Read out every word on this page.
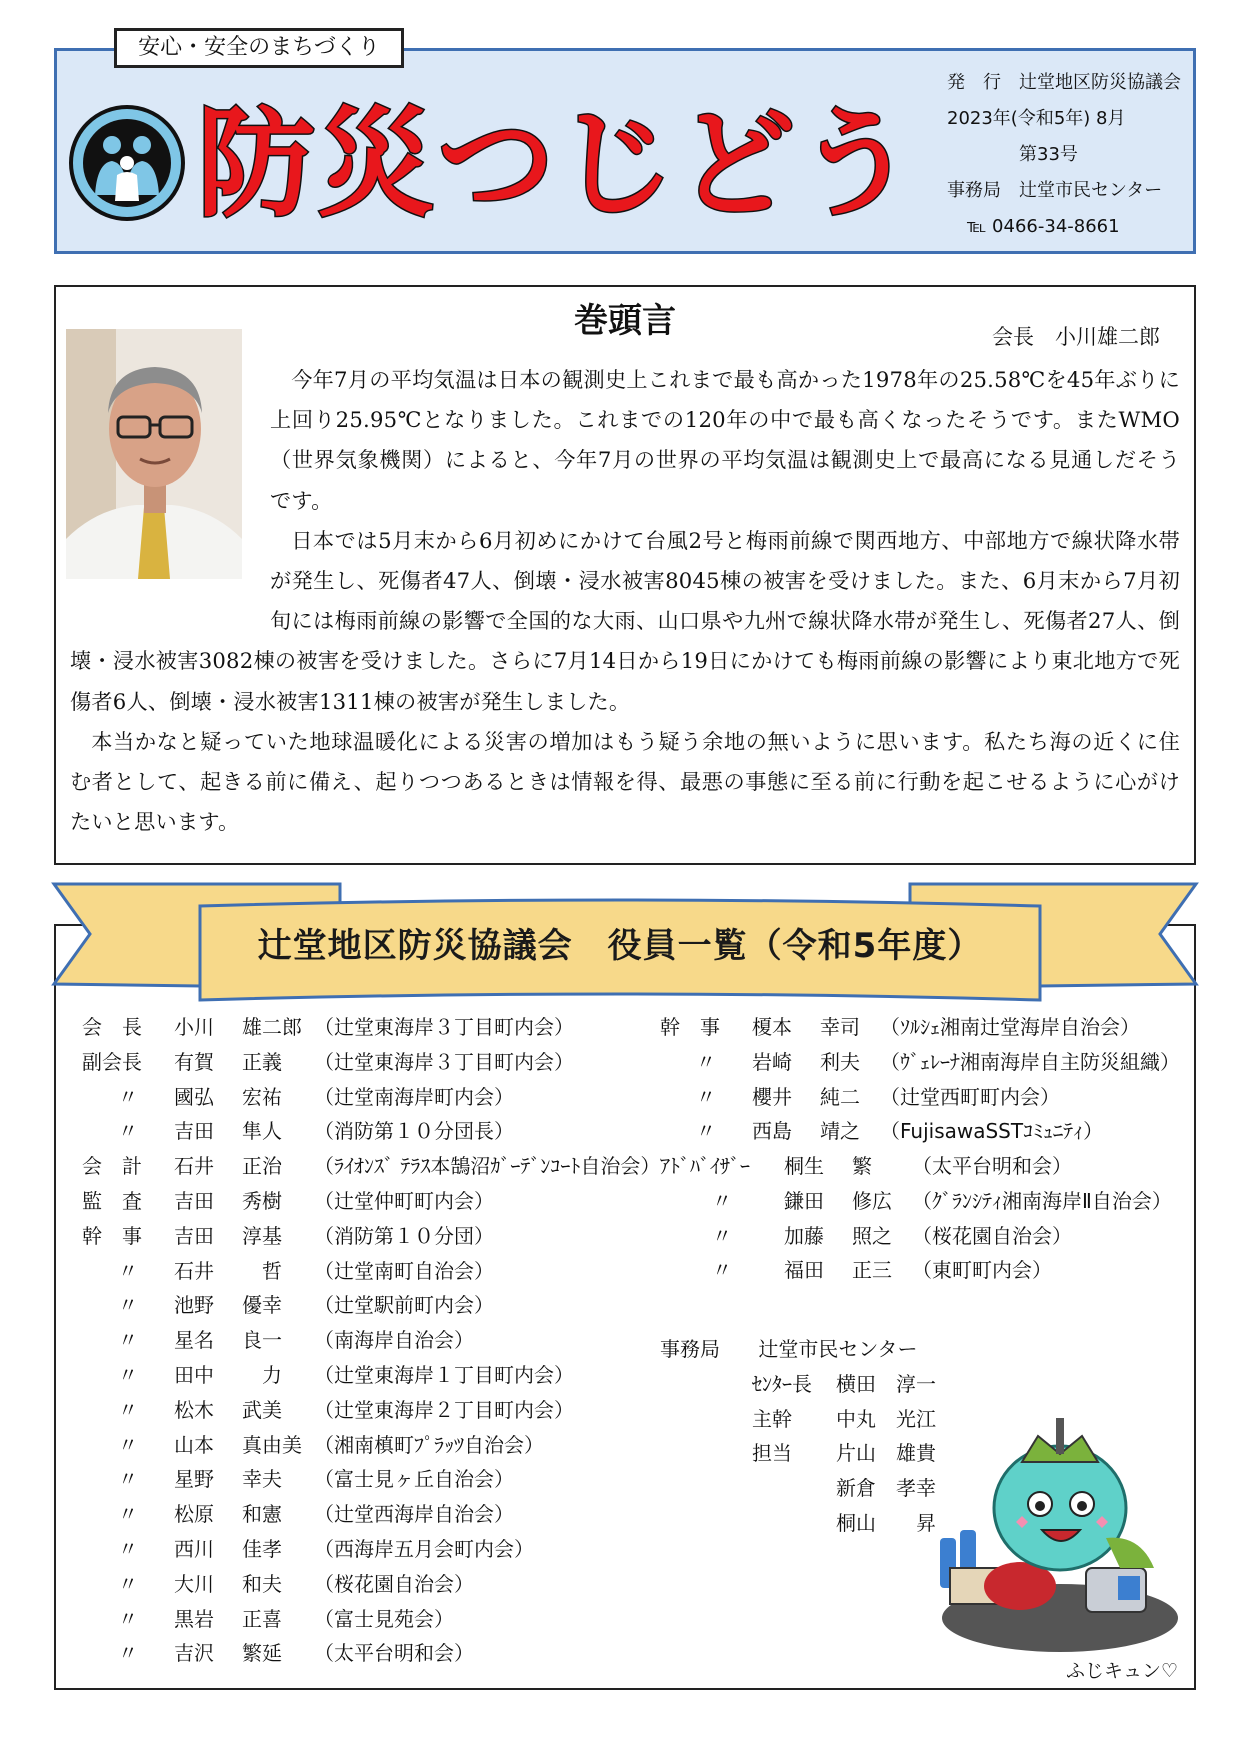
防災つじどう
発　行　辻堂地区防災協議会
2023年(令和5年) 8月
第33号
事務局　辻堂市民センター
℡ 0466-34-8661
安心・安全のまちづくり
巻頭言	会長　小川雄二郎

今年7月の平均気温は日本の観測史上これまで最も高かった1978年の25.58℃を45年ぶりに上回り25.95℃となりました。これまでの120年の中で最も高くなったそうです。またWMO（世界気象機関）によると、今年7月の世界の平均気温は観測史上で最高になる見通しだそうです。

日本では5月末から6月初めにかけて台風2号と梅雨前線で関西地方、中部地方で線状降水帯が発生し、死傷者47人、倒壊・浸水被害8045棟の被害を受けました。また、6月末から7月初旬には梅雨前線の影響で全国的な大雨、山口県や九州で線状降水帯が発生し、死傷者27人、倒壊・浸水被害3082棟の被害を受けました。さらに7月14日から19日にかけても梅雨前線の影響により東北地方で死傷者6人、倒壊・浸水被害1311棟の被害が発生しました。

本当かなと疑っていた地球温暖化による災害の増加はもう疑う余地の無いように思います。私たち海の近くに住む者として、起きる前に備え、起りつつあるときは情報を得、最悪の事態に至る前に行動を起こせるように心がけたいと思います。

辻堂地区防災協議会　役員一覧（令和5年度）
会　長 小川 雄二郎 （辻堂東海岸３丁目町内会）
副会長 有賀 正義 （辻堂東海岸３丁目町内会）
〃 國弘 宏祐 （辻堂南海岸町内会）
〃 吉田 隼人 （消防第１０分団長）
会　計 石井 正治 （ﾗｲｵﾝｽﾞ ﾃﾗｽ本鵠沼ｶﾞｰﾃﾞﾝｺｰﾄ自治会）
監　査 吉田 秀樹 （辻堂仲町町内会）
幹　事 吉田 淳基 （消防第１０分団）
〃 石井　哲 （辻堂南町自治会）
〃 池野 優幸 （辻堂駅前町内会）
〃 星名 良一 （南海岸自治会）
〃 田中　力 （辻堂東海岸１丁目町内会）
〃 松木 武美 （辻堂東海岸２丁目町内会）
〃 山本 真由美 （湘南槙町ﾌﾟﾗｯﾂ自治会）
〃 星野 幸夫 （富士見ヶ丘自治会）
〃 松原 和憲 （辻堂西海岸自治会）
〃 西川 佳孝 （西海岸五月会町内会）
〃 大川 和夫 （桜花園自治会）
〃 黒岩 正喜 （富士見苑会）
〃 吉沢 繁延 （太平台明和会）
幹　事 榎本 幸司 （ｿﾙｼｪ湘南辻堂海岸自治会）
〃 岩崎 利夫 （ｳﾞｪﾚｰﾅ湘南海岸自主防災組織）
〃 櫻井 純二 （辻堂西町町内会）
〃 西島 靖之 （FujisawaSSTｺﾐｭﾆﾃｨ）
ｱﾄﾞﾊﾞｲｻﾞｰ 桐生 繁 （太平台明和会）
〃	鎌田 修広 （ｸﾞﾗﾝｼﾃｨ湘南海岸Ⅱ自治会）
〃	加藤 照之 （桜花園自治会）
〃	福田 正三 （東町町内会）
事務局 辻堂市民センター
ｾﾝﾀｰ長 横田　淳一
主幹 中丸　光江
担当 片山　雄貴
新倉　孝幸
桐山　　昇
ふじキュン♡
